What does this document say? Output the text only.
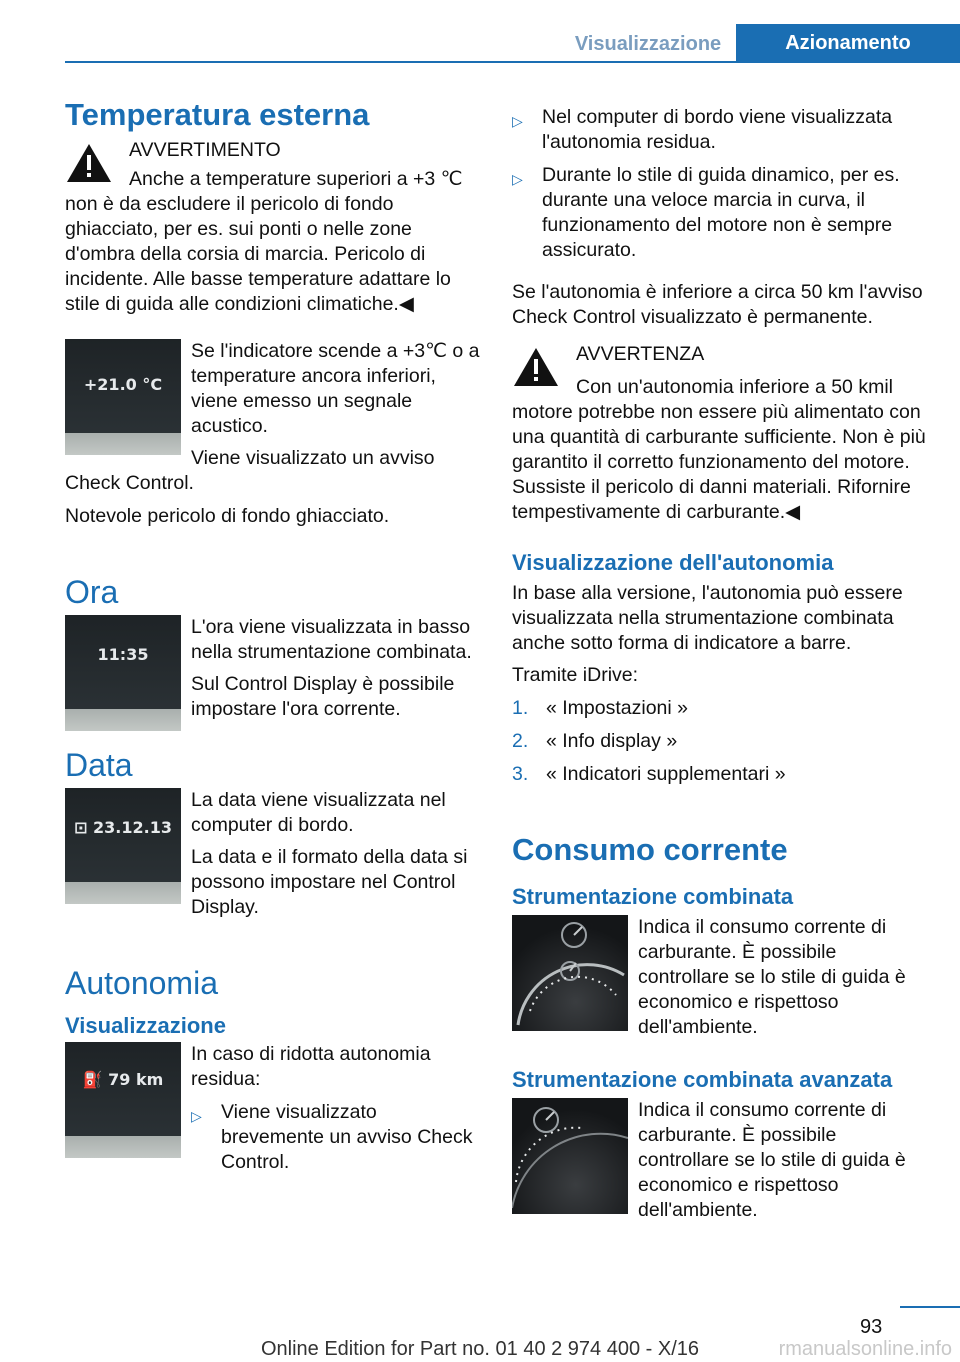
Visualizzazione	Azionamento
Temperatura esterna
AVVERTIMENTO

Anche a temperature superiori a +3 ℃ non è da escludere il pericolo di fondo ghiacciato, per es. sui ponti o nelle zone d'ombra della corsia di marcia. Pericolo di incidente. Alle basse temperature adattare lo stile di guida alle condizioni climatiche.◀

+21.0 °C

Se l'indicatore scende a +3℃ o a temperature ancora inferiori, viene emesso un segnale acustico.

Viene visualizzato un avviso Check Control.

Notevole pericolo di fondo ghiacciato.

Ora
11:35

L'ora viene visualizzata in basso nella strumentazione combinata.

Sul Control Display è possibile impostare l'ora corrente.

Data
⊡ 23.12.13

La data viene visualizzata nel computer di bordo.

La data e il formato della data si possono impostare nel Control Display.

Autonomia
Visualizzazione
⛽ 79 km

In caso di ridotta autonomia residua:

▷ Viene visualizzato brevemente un avviso Check Control.
▷ Nel computer di bordo viene visualizzata l'autonomia residua.
▷ Durante lo stile di guida dinamico, per es. durante una veloce marcia in curva, il funzionamento del motore non è sempre assicurato.

Se l'autonomia è inferiore a circa 50 km l'avviso Check Control visualizzato è permanente.

AVVERTENZA

Con un'autonomia inferiore a 50 kmil motore potrebbe non essere più alimentato con una quantità di carburante sufficiente. Non è più garantito il corretto funzionamento del motore. Sussiste il pericolo di danni materiali. Rifornire tempestivamente di carburante.◀

Visualizzazione dell'autonomia

In base alla versione, l'autonomia può essere visualizzata nella strumentazione combinata anche sotto forma di indicatore a barre.

Tramite iDrive:

1. « Impostazioni »
2. « Info display »
3. « Indicatori supplementari »
Consumo corrente
Strumentazione combinata

Indica il consumo corrente di carburante. È possibile controllare se lo stile di guida è economico e rispettoso dell'ambiente.

Strumentazione combinata avanzata

Indica il consumo corrente di carburante. È possibile controllare se lo stile di guida è economico e rispettoso dell'ambiente.

93
Online Edition for Part no. 01 40 2 974 400 - X/16	rmanualsonline.info
